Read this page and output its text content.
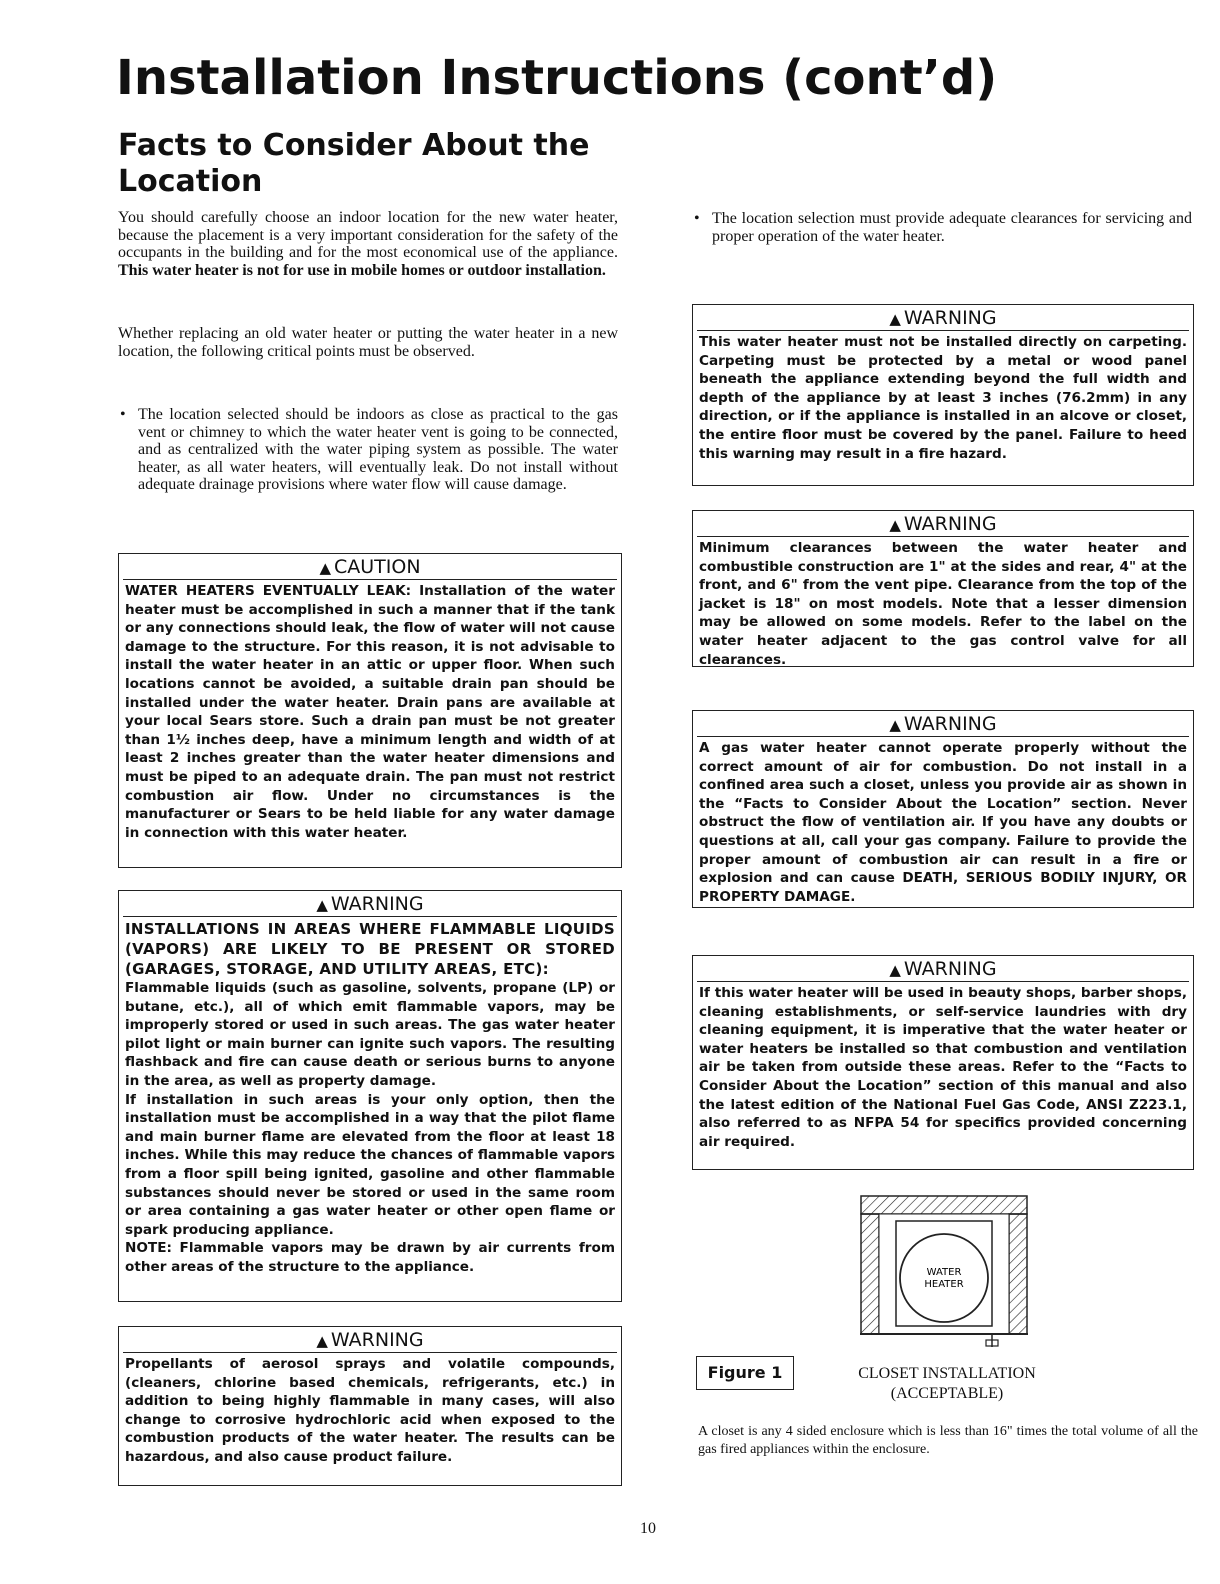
Installation Instructions (cont’d)
Facts to Consider About the Location

You should carefully choose an indoor location for the new water heater, because the placement is a very important consideration for the safety of the occupants in the building and for the most economical use of the appliance. This water heater is not for use in mobile homes or outdoor installation.

Whether replacing an old water heater or putting the water heater in a new location, the following critical points must be observed.

• The location selected should be indoors as close as practical to the gas vent or chimney to which the water heater vent is going to be connected, and as centralized with the water piping system as possible. The water heater, as all water heaters, will eventually leak. Do not install without adequate drainage provisions where water flow will cause damage.

• The location selection must provide adequate clearances for servicing and proper operation of the water heater.

▲ CAUTION
WATER HEATERS EVENTUALLY LEAK: Installation of the water heater must be accomplished in such a manner that if the tank or any connections should leak, the flow of water will not cause damage to the structure. For this reason, it is not advisable to install the water heater in an attic or upper floor. When such locations cannot be avoided, a suitable drain pan should be installed under the water heater. Drain pans are available at your local Sears store. Such a drain pan must be not greater than 1½ inches deep, have a minimum length and width of at least 2 inches greater than the water heater dimensions and must be piped to an adequate drain. The pan must not restrict combustion air flow. Under no circumstances is the manufacturer or Sears to be held liable for any water damage in connection with this water heater.
▲ WARNING

INSTALLATIONS IN AREAS WHERE FLAMMABLE LIQUIDS (VAPORS) ARE LIKELY TO BE PRESENT OR STORED (GARAGES, STORAGE, AND UTILITY AREAS, ETC):

Flammable liquids (such as gasoline, solvents, propane (LP) or butane, etc.), all of which emit flammable vapors, may be improperly stored or used in such areas. The gas water heater pilot light or main burner can ignite such vapors. The resulting flashback and fire can cause death or serious burns to anyone in the area, as well as property damage.

If installation in such areas is your only option, then the installation must be accomplished in a way that the pilot flame and main burner flame are elevated from the floor at least 18 inches. While this may reduce the chances of flammable vapors from a floor spill being ignited, gasoline and other flammable substances should never be stored or used in the same room or area containing a gas water heater or other open flame or spark producing appliance.

NOTE: Flammable vapors may be drawn by air currents from other areas of the structure to the appliance.

▲ WARNING
Propellants of aerosol sprays and volatile compounds, (cleaners, chlorine based chemicals, refrigerants, etc.) in addition to being highly flammable in many cases, will also change to corrosive hydrochloric acid when exposed to the combustion products of the water heater. The results can be hazardous, and also cause product failure.
▲ WARNING
This water heater must not be installed directly on carpeting. Carpeting must be protected by a metal or wood panel beneath the appliance extending beyond the full width and depth of the appliance by at least 3 inches (76.2mm) in any direction, or if the appliance is installed in an alcove or closet, the entire floor must be covered by the panel. Failure to heed this warning may result in a fire hazard.
▲ WARNING
Minimum clearances between the water heater and combustible construction are 1" at the sides and rear, 4" at the front, and 6" from the vent pipe. Clearance from the top of the jacket is 18" on most models. Note that a lesser dimension may be allowed on some models. Refer to the label on the water heater adjacent to the gas control valve for all clearances.
▲ WARNING
A gas water heater cannot operate properly without the correct amount of air for combustion. Do not install in a confined area such a closet, unless you provide air as shown in the “Facts to Consider About the Location” section. Never obstruct the flow of ventilation air. If you have any doubts or questions at all, call your gas company. Failure to provide the proper amount of combustion air can result in a fire or explosion and can cause DEATH, SERIOUS BODILY INJURY, OR PROPERTY DAMAGE.
▲ WARNING
If this water heater will be used in beauty shops, barber shops, cleaning establishments, or self-service laundries with dry cleaning equipment, it is imperative that the water heater or water heaters be installed so that combustion and ventilation air be taken from outside these areas. Refer to the “Facts to Consider About the Location” section of this manual and also the latest edition of the National Fuel Gas Code, ANSI Z223.1, also referred to as NFPA 54 for specifics provided concerning air required.
WATER
HEATER
Figure 1	CLOSET INSTALLATION
(ACCEPTABLE)

A closet is any 4 sided enclosure which is less than 16" times the total volume of all the gas fired appliances within the enclosure.

10
